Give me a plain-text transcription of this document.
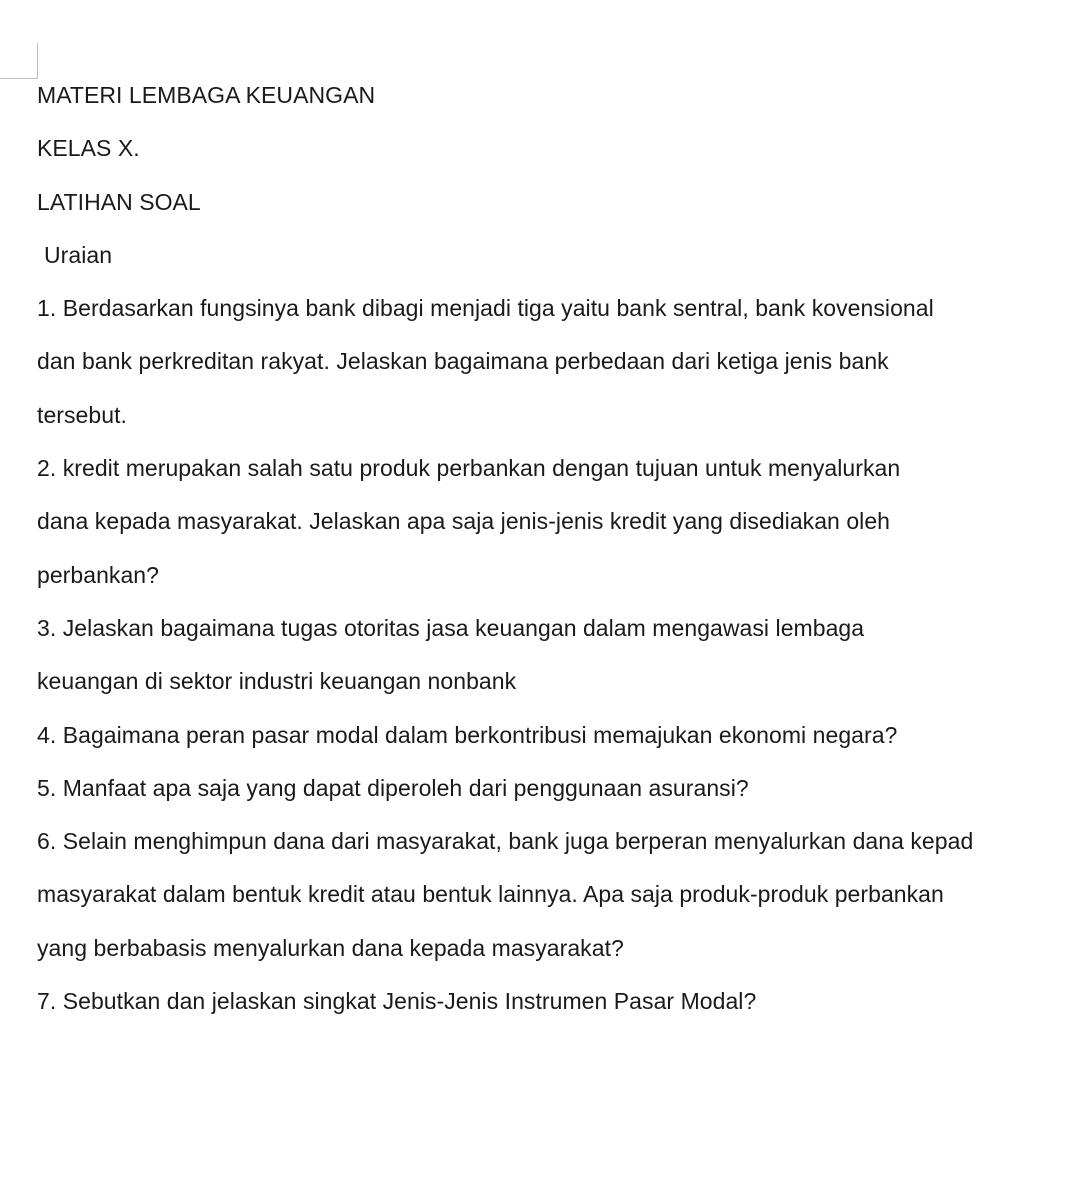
MATERI LEMBAGA KEUANGAN
KELAS X.
LATIHAN SOAL
Uraian
1. Berdasarkan fungsinya bank dibagi menjadi tiga yaitu bank sentral, bank kovensional
dan bank perkreditan rakyat. Jelaskan bagaimana perbedaan dari ketiga jenis bank
tersebut.
2. kredit merupakan salah satu produk perbankan dengan tujuan untuk menyalurkan
dana kepada masyarakat. Jelaskan apa saja jenis-jenis kredit yang disediakan oleh
perbankan?
3. Jelaskan bagaimana tugas otoritas jasa keuangan dalam mengawasi lembaga
keuangan di sektor industri keuangan nonbank
4. Bagaimana peran pasar modal dalam berkontribusi memajukan ekonomi negara?
5. Manfaat apa saja yang dapat diperoleh dari penggunaan asuransi?
6. Selain menghimpun dana dari masyarakat, bank juga berperan menyalurkan dana kepad
masyarakat dalam bentuk kredit atau bentuk lainnya. Apa saja produk-produk perbankan
yang berbabasis menyalurkan dana kepada masyarakat?
7. Sebutkan dan jelaskan singkat Jenis-Jenis Instrumen Pasar Modal?
